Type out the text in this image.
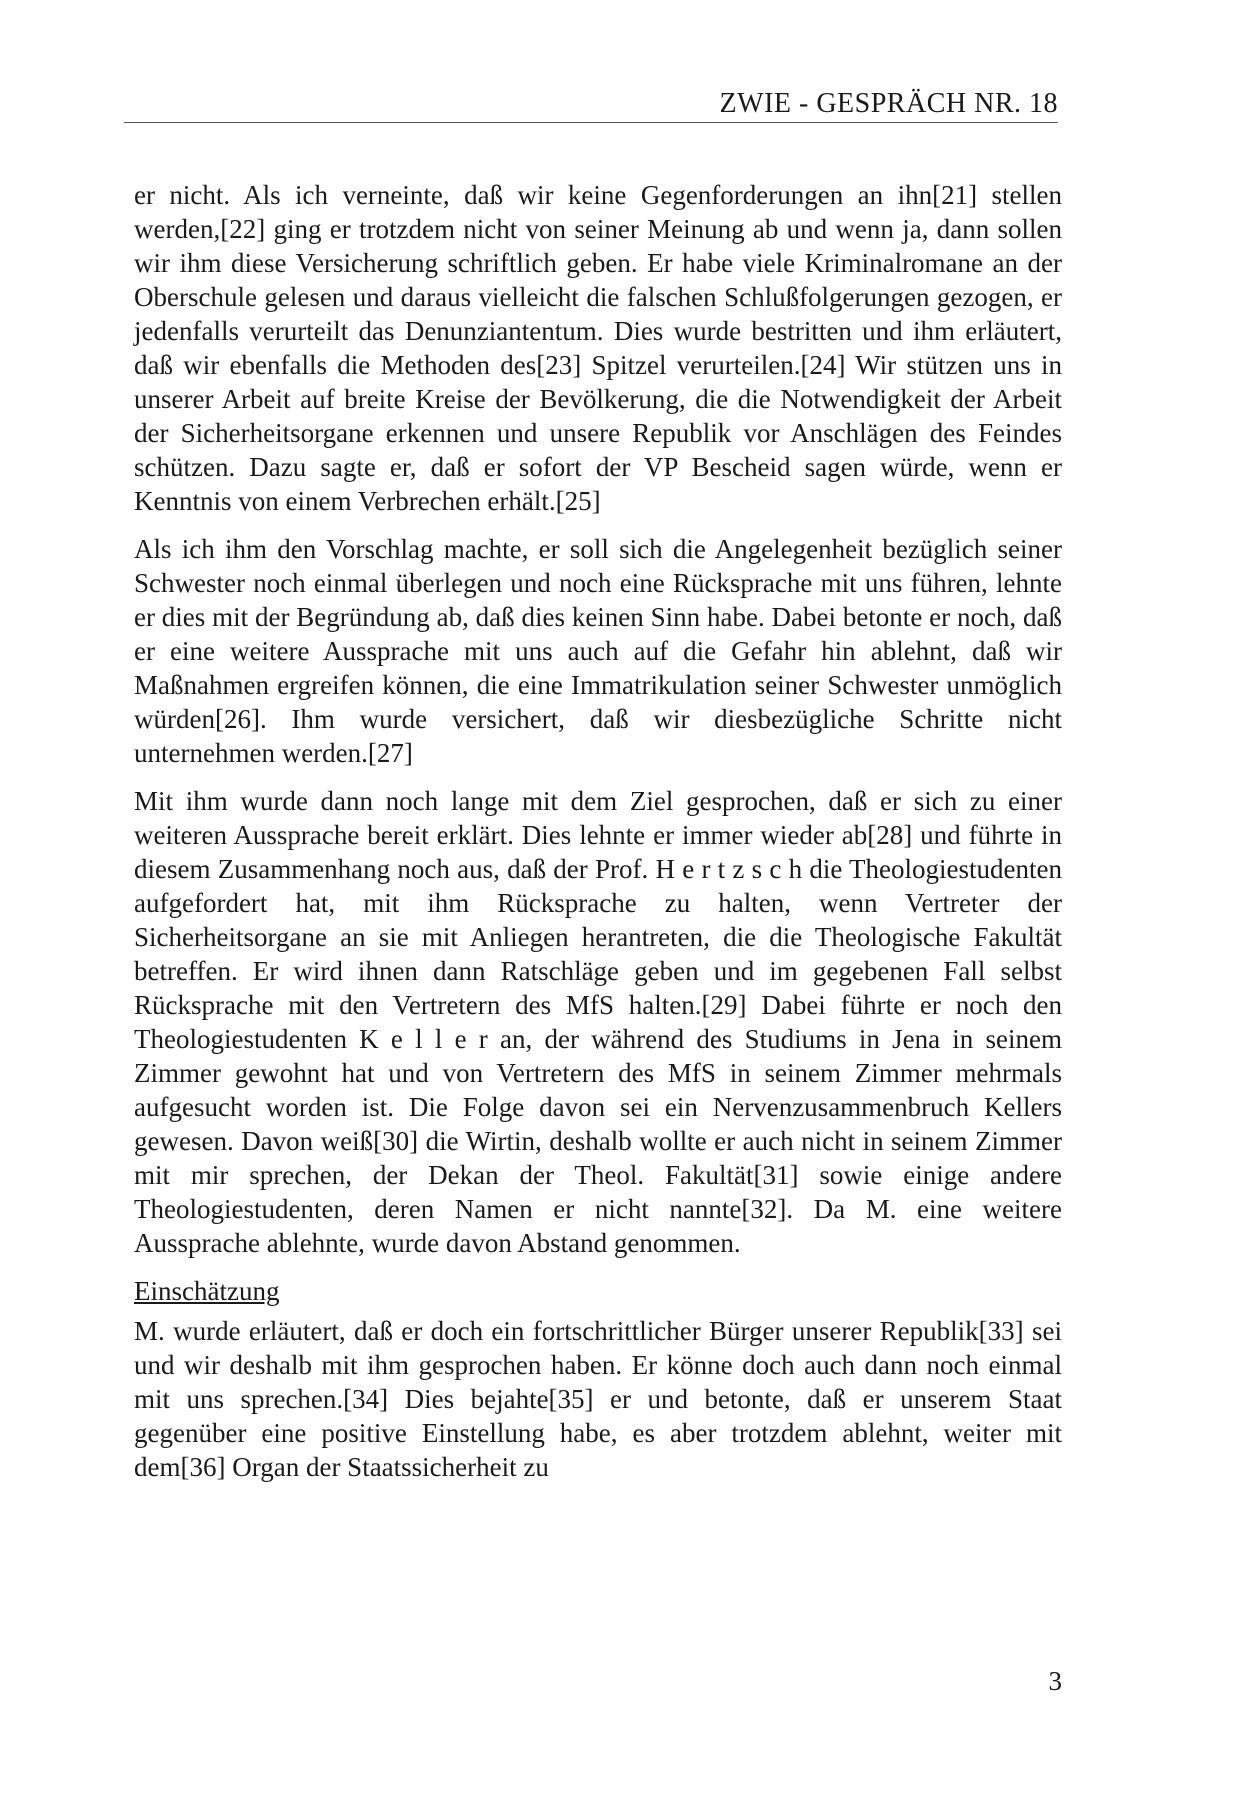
ZWIE - GESPRÄCH NR. 18

er nicht. Als ich verneinte, daß wir keine Gegenforderungen an ihn[21] stellen werden,[22] ging er trotzdem nicht von seiner Meinung ab und wenn ja, dann sollen wir ihm diese Versicherung schriftlich geben. Er habe viele Kriminalromane an der Oberschule gelesen und daraus vielleicht die falschen Schlußfolgerungen gezogen, er jedenfalls verurteilt das Denunziantentum. Dies wurde bestritten und ihm erläutert, daß wir ebenfalls die Methoden des[23] Spitzel verurteilen.[24] Wir stützen uns in unserer Arbeit auf breite Kreise der Bevölkerung, die die Notwendigkeit der Arbeit der Sicherheitsorgane erkennen und unsere Republik vor Anschlägen des Feindes schützen. Dazu sagte er, daß er sofort der VP Bescheid sagen würde, wenn er Kenntnis von einem Verbrechen erhält.[25]

Als ich ihm den Vorschlag machte, er soll sich die Angelegenheit bezüglich seiner Schwester noch einmal überlegen und noch eine Rücksprache mit uns führen, lehnte er dies mit der Begründung ab, daß dies keinen Sinn habe. Dabei betonte er noch, daß er eine weitere Aussprache mit uns auch auf die Gefahr hin ablehnt, daß wir Maßnahmen ergreifen können, die eine Immatrikulation seiner Schwester unmöglich würden[26]. Ihm wurde versichert, daß wir diesbezügliche Schritte nicht unternehmen werden.[27]

Mit ihm wurde dann noch lange mit dem Ziel gesprochen, daß er sich zu einer weiteren Aussprache bereit erklärt. Dies lehnte er immer wieder ab[28] und führte in diesem Zusammenhang noch aus, daß der Prof. H e r t z s c h die Theologiestudenten aufgefordert hat, mit ihm Rücksprache zu halten, wenn Vertreter der Sicherheitsorgane an sie mit Anliegen herantreten, die die Theologische Fakultät betreffen. Er wird ihnen dann Ratschläge geben und im gegebenen Fall selbst Rücksprache mit den Vertretern des MfS halten.[29] Dabei führte er noch den Theologiestudenten K e l l e r an, der während des Studiums in Jena in seinem Zimmer gewohnt hat und von Vertretern des MfS in seinem Zimmer mehrmals aufgesucht worden ist. Die Folge davon sei ein Nervenzusammenbruch Kellers gewesen. Davon weiß[30] die Wirtin, deshalb wollte er auch nicht in seinem Zimmer mit mir sprechen, der Dekan der Theol. Fakultät[31] sowie einige andere Theologiestudenten, deren Namen er nicht nannte[32]. Da M. eine weitere Aussprache ablehnte, wurde davon Abstand genommen.

Einschätzung

M. wurde erläutert, daß er doch ein fortschrittlicher Bürger unserer Republik[33] sei und wir deshalb mit ihm gesprochen haben. Er könne doch auch dann noch einmal mit uns sprechen.[34] Dies bejahte[35] er und betonte, daß er unserem Staat gegenüber eine positive Einstellung habe, es aber trotzdem ablehnt, weiter mit dem[36] Organ der Staatssicherheit zu

3
